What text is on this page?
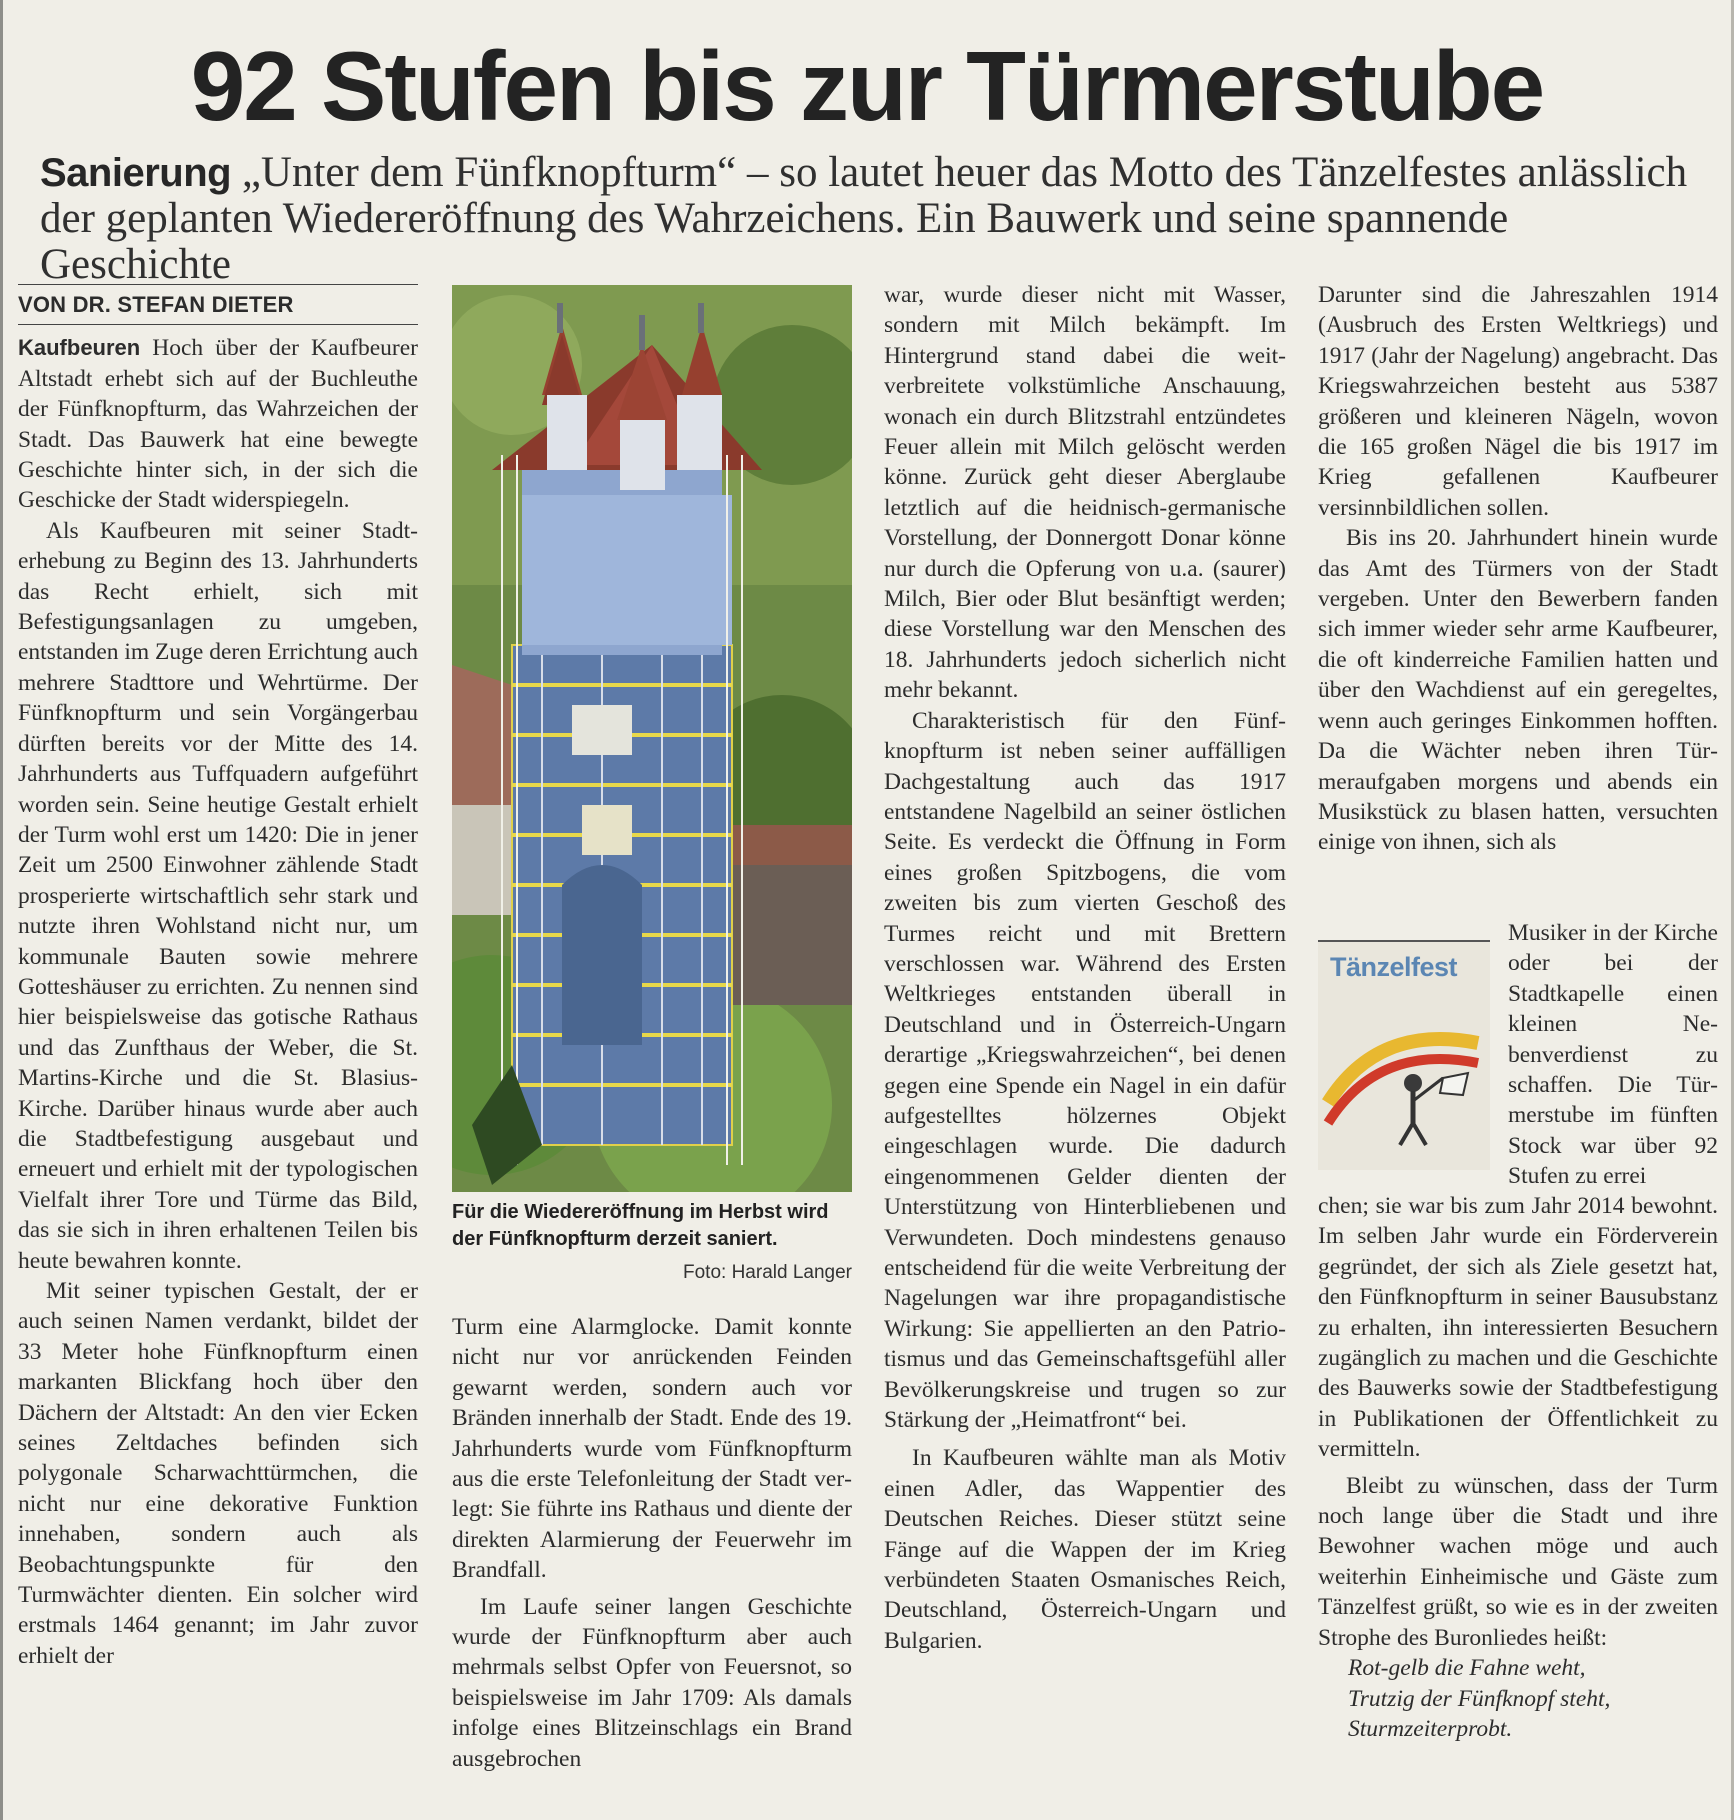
92 Stufen bis zur Türmerstube

Sanierung „Unter dem Fünfknopfturm“ – so lautet heuer das Motto des Tänzelfestes anlässlich der geplanten Wiedereröffnung des Wahrzeichens. Ein Bauwerk und seine spannende Geschichte

VON DR. STEFAN DIETER

Kaufbeuren Hoch über der Kaufbeurer Altstadt erhebt sich auf der Buchleuthe der Fünfknopfturm, das Wahrzeichen der Stadt. Das Bauwerk hat eine bewegte Geschichte hinter sich, in der sich die Geschicke der Stadt widerspiegeln.

Als Kaufbeuren mit seiner Stadterhebung zu Beginn des 13. Jahrhunderts das Recht erhielt, sich mit Befestigungsanlagen zu umgeben, entstanden im Zuge deren Errichtung auch mehrere Stadttore und Wehrtürme. Der Fünfknopfturm und sein Vorgängerbau dürften bereits vor der Mitte des 14. Jahrhunderts aus Tuffquadern aufgeführt worden sein. Seine heutige Gestalt erhielt der Turm wohl erst um 1420: Die in jener Zeit um 2500 Einwohner zählende Stadt prosperierte wirtschaftlich sehr stark und nutzte ihren Wohlstand nicht nur, um kommunale Bauten sowie mehrere Gotteshäuser zu errichten. Zu nennen sind hier beispielsweise das gotische Rathaus und das Zunfthaus der Weber, die St. Martins-Kirche und die St. Blasius-Kirche. Darüber hinaus wurde aber auch die Stadtbefestigung ausgebaut und erneuert und erhielt mit der typologischen Vielfalt ihrer Tore und Türme das Bild, das sie sich in ihren erhaltenen Teilen bis heute bewahren konnte.

Mit seiner typischen Gestalt, der er auch seinen Namen verdankt, bildet der 33 Meter hohe Fünfknopfturm einen markanten Blickfang hoch über den Dächern der Altstadt: An den vier Ecken seines Zeltdaches befinden sich polygonale Scharwachttürmchen, die nicht nur eine dekorative Funktion innehaben, sondern auch als Beobachtungspunkte für den Turmwächter dienten. Ein solcher wird erstmals 1464 genannt; im Jahr zuvor erhielt der

Für die Wiedereröffnung im Herbst wird der Fünfknopfturm derzeit saniert.
Foto: Harald Langer

Turm eine Alarmglocke. Damit konnte nicht nur vor anrückenden Feinden gewarnt werden, sondern auch vor Bränden innerhalb der Stadt. Ende des 19. Jahrhunderts wurde vom Fünfknopfturm aus die erste Telefonleitung der Stadt verlegt: Sie führte ins Rathaus und diente der direkten Alarmierung der Feuerwehr im Brandfall.

Im Laufe seiner langen Geschichte wurde der Fünfknopfturm aber auch mehrmals selbst Opfer von Feuersnot, so beispielsweise im Jahr 1709: Als damals infolge eines Blitzeinschlags ein Brand ausgebrochen

war, wurde dieser nicht mit Wasser, sondern mit Milch bekämpft. Im Hintergrund stand dabei die weitverbreitete volkstümliche Anschauung, wonach ein durch Blitzstrahl entzündetes Feuer allein mit Milch gelöscht werden könne. Zurück geht dieser Aberglaube letztlich auf die heidnisch-germanische Vorstellung, der Donnergott Donar könne nur durch die Opferung von u.a. (saurer) Milch, Bier oder Blut besänftigt werden; diese Vorstellung war den Menschen des 18. Jahrhunderts jedoch sicherlich nicht mehr bekannt.

Charakteristisch für den Fünfknopfturm ist neben seiner auffälligen Dachgestaltung auch das 1917 entstandene Nagelbild an seiner östlichen Seite. Es verdeckt die Öffnung in Form eines großen Spitzbogens, die vom zweiten bis zum vierten Geschoß des Turmes reicht und mit Brettern verschlossen war. Während des Ersten Weltkrieges entstanden überall in Deutschland und in Österreich-Ungarn derartige „Kriegswahrzeichen“, bei denen gegen eine Spende ein Nagel in ein dafür aufgestelltes hölzernes Objekt eingeschlagen wurde. Die dadurch eingenommenen Gelder dienten der Unterstützung von Hinterbliebenen und Verwundeten. Doch mindestens genauso entscheidend für die weite Verbreitung der Nagelungen war ihre propagandistische Wirkung: Sie appellierten an den Patriotismus und das Gemeinschaftsgefühl aller Bevölkerungskreise und trugen so zur Stärkung der „Heimatfront“ bei.

In Kaufbeuren wählte man als Motiv einen Adler, das Wappentier des Deutschen Reiches. Dieser stützt seine Fänge auf die Wappen der im Krieg verbündeten Staaten Osmanisches Reich, Deutschland, Österreich-Ungarn und Bulgarien.

Darunter sind die Jahreszahlen 1914 (Ausbruch des Ersten Weltkriegs) und 1917 (Jahr der Nagelung) angebracht. Das Kriegswahrzeichen besteht aus 5387 größeren und kleineren Nägeln, wovon die 165 großen Nägel die bis 1917 im Krieg gefallenen Kaufbeurer versinnbildlichen sollen.

Bis ins 20. Jahrhundert hinein wurde das Amt des Türmers von der Stadt vergeben. Unter den Bewerbern fanden sich immer wieder sehr arme Kaufbeurer, die oft kinderreiche Familien hatten und über den Wachdienst auf ein geregeltes, wenn auch geringes Einkommen hofften. Da die Wächter neben ihren Türmeraufgaben morgens und abends ein Musikstück zu blasen hatten, versuchten einige von ihnen, sich als

Tänzelfest

Musiker in der Kirche oder bei der Stadtkapelle einen kleinen Nebenverdienst zu schaffen. Die Türmerstube im fünften Stock war über 92 Stufen zu errei

chen; sie war bis zum Jahr 2014 bewohnt. Im selben Jahr wurde ein Förderverein gegründet, der sich als Ziele gesetzt hat, den Fünfknopfturm in seiner Bausubstanz zu erhalten, ihn interessierten Besuchern zugänglich zu machen und die Geschichte des Bauwerks sowie der Stadtbefestigung in Publikationen der Öffentlichkeit zu vermitteln.

Bleibt zu wünschen, dass der Turm noch lange über die Stadt und ihre Bewohner wachen möge und auch weiterhin Einheimische und Gäste zum Tänzelfest grüßt, so wie es in der zweiten Strophe des Buronliedes heißt:

Rot-gelb die Fahne weht,

Trutzig der Fünfknopf steht,

Sturmzeiterprobt.
